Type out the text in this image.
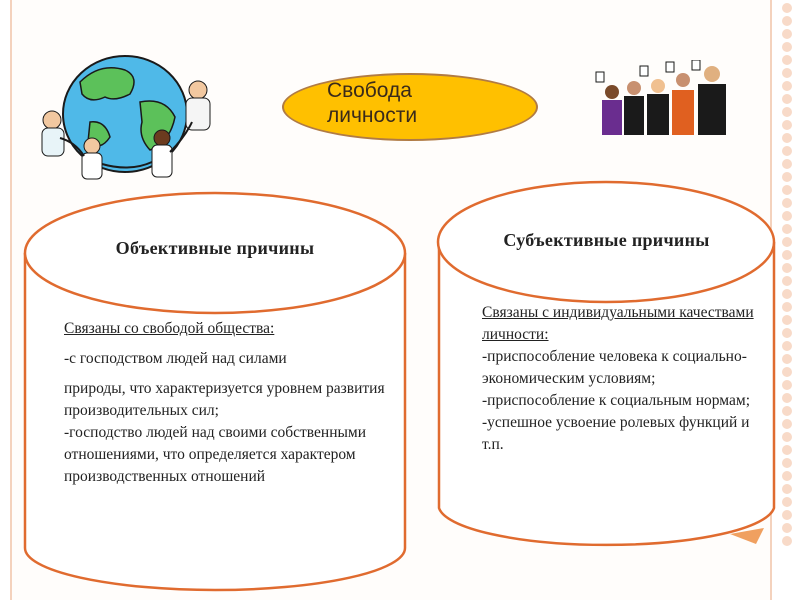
Свобода личности
Объективные причины

Связаны со свободой общества:

-с господством людей над силами

природы, что характеризуется уровнем развития производительных сил;

-господство людей над своими собственными отношениями, что определяется характером производственных отношений

Субъективные причины

Связаны с индивидуальными качествами личности:

-приспособление человека к социально-экономическим условиям;

-приспособление к социальным нормам;

-успешное усвоение ролевых функций и т.п.
